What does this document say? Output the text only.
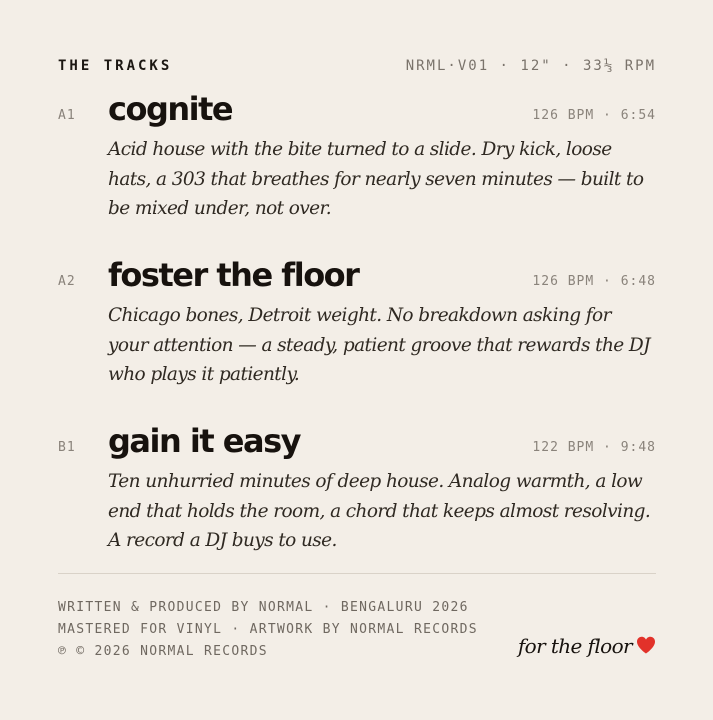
THE TRACKS	NRML·V01 · 12" · 33⅓ RPM
A1 cognite	126 BPM · 6:54

Acid house with the bite turned to a slide. Dry kick, loose hats, a 303 that breathes for nearly seven minutes — built to be mixed under, not over.

A2 foster the floor	126 BPM · 6:48

Chicago bones, Detroit weight. No breakdown asking for your attention — a steady, patient groove that rewards the DJ who plays it patiently.

B1 gain it easy	122 BPM · 9:48

Ten unhurried minutes of deep house. Analog warmth, a low end that holds the room, a chord that keeps almost resolving. A record a DJ buys to use.

WRITTEN & PRODUCED BY NORMAL · BENGALURU 2026
MASTERED FOR VINYL · ARTWORK BY NORMAL RECORDS
℗ © 2026 NORMAL RECORDS	for the floor
